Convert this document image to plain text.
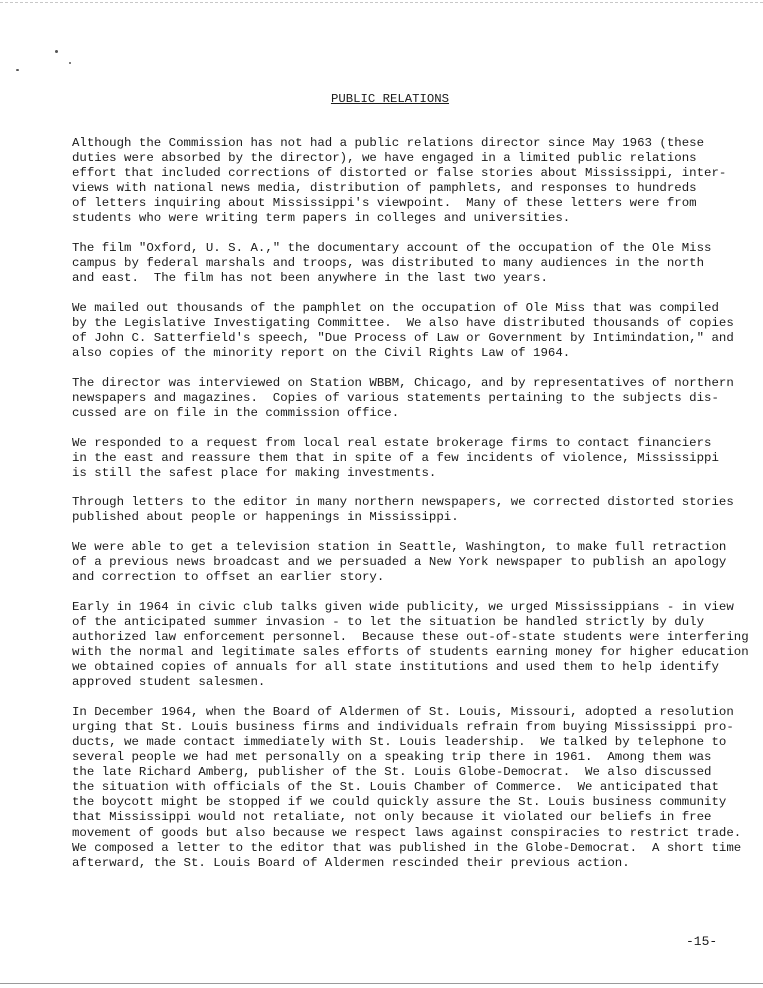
PUBLIC RELATIONS
Although the Commission has not had a public relations director since May 1963 (these
duties were absorbed by the director), we have engaged in a limited public relations
effort that included corrections of distorted or false stories about Mississippi, inter-
views with national news media, distribution of pamphlets, and responses to hundreds
of letters inquiring about Mississippi's viewpoint.  Many of these letters were from
students who were writing term papers in colleges and universities.
The film "Oxford, U. S. A.," the documentary account of the occupation of the Ole Miss
campus by federal marshals and troops, was distributed to many audiences in the north
and east.  The film has not been anywhere in the last two years.
We mailed out thousands of the pamphlet on the occupation of Ole Miss that was compiled
by the Legislative Investigating Committee.  We also have distributed thousands of copies
of John C. Satterfield's speech, "Due Process of Law or Government by Intimindation," and
also copies of the minority report on the Civil Rights Law of 1964.
The director was interviewed on Station WBBM, Chicago, and by representatives of northern
newspapers and magazines.  Copies of various statements pertaining to the subjects dis-
cussed are on file in the commission office.
We responded to a request from local real estate brokerage firms to contact financiers
in the east and reassure them that in spite of a few incidents of violence, Mississippi
is still the safest place for making investments.
Through letters to the editor in many northern newspapers, we corrected distorted stories
published about people or happenings in Mississippi.
We were able to get a television station in Seattle, Washington, to make full retraction
of a previous news broadcast and we persuaded a New York newspaper to publish an apology
and correction to offset an earlier story.
Early in 1964 in civic club talks given wide publicity, we urged Mississippians - in view
of the anticipated summer invasion - to let the situation be handled strictly by duly
authorized law enforcement personnel.  Because these out-of-state students were interfering
with the normal and legitimate sales efforts of students earning money for higher education
we obtained copies of annuals for all state institutions and used them to help identify
approved student salesmen.
In December 1964, when the Board of Aldermen of St. Louis, Missouri, adopted a resolution
urging that St. Louis business firms and individuals refrain from buying Mississippi pro-
ducts, we made contact immediately with St. Louis leadership.  We talked by telephone to
several people we had met personally on a speaking trip there in 1961.  Among them was
the late Richard Amberg, publisher of the St. Louis Globe-Democrat.  We also discussed
the situation with officials of the St. Louis Chamber of Commerce.  We anticipated that
the boycott might be stopped if we could quickly assure the St. Louis business community
that Mississippi would not retaliate, not only because it violated our beliefs in free
movement of goods but also because we respect laws against conspiracies to restrict trade.
We composed a letter to the editor that was published in the Globe-Democrat.  A short time
afterward, the St. Louis Board of Aldermen rescinded their previous action.
-15-
